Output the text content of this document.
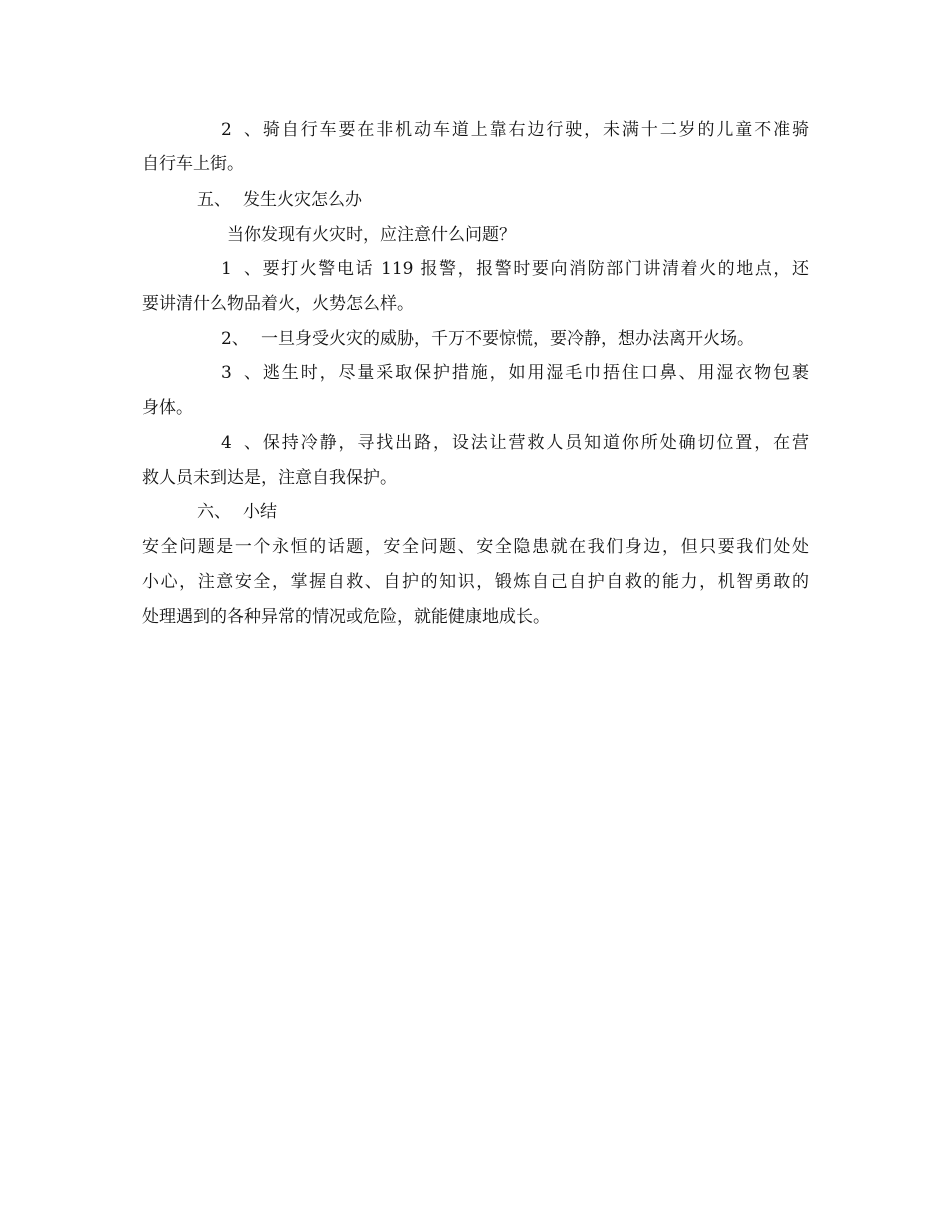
2、骑自行车要在非机动车道上靠右边行驶，未满十二岁的儿童不准骑
自行车上街。
五、 发生火灾怎么办
当你发现有火灾时，应注意什么问题？
1、要打火警电话 119 报警，报警时要向消防部门讲清着火的地点，还
要讲清什么物品着火，火势怎么样。
2、 一旦身受火灾的威胁，千万不要惊慌，要冷静，想办法离开火场。
3、逃生时，尽量采取保护措施，如用湿毛巾捂住口鼻、用湿衣物包裹
身体。
4、保持冷静，寻找出路，设法让营救人员知道你所处确切位置，在营
救人员未到达是，注意自我保护。
六、 小结
安全问题是一个永恒的话题，安全问题、安全隐患就在我们身边，但只要我们处处
小心，注意安全，掌握自救、自护的知识，锻炼自己自护自救的能力，机智勇敢的
处理遇到的各种异常的情况或危险，就能健康地成长。
